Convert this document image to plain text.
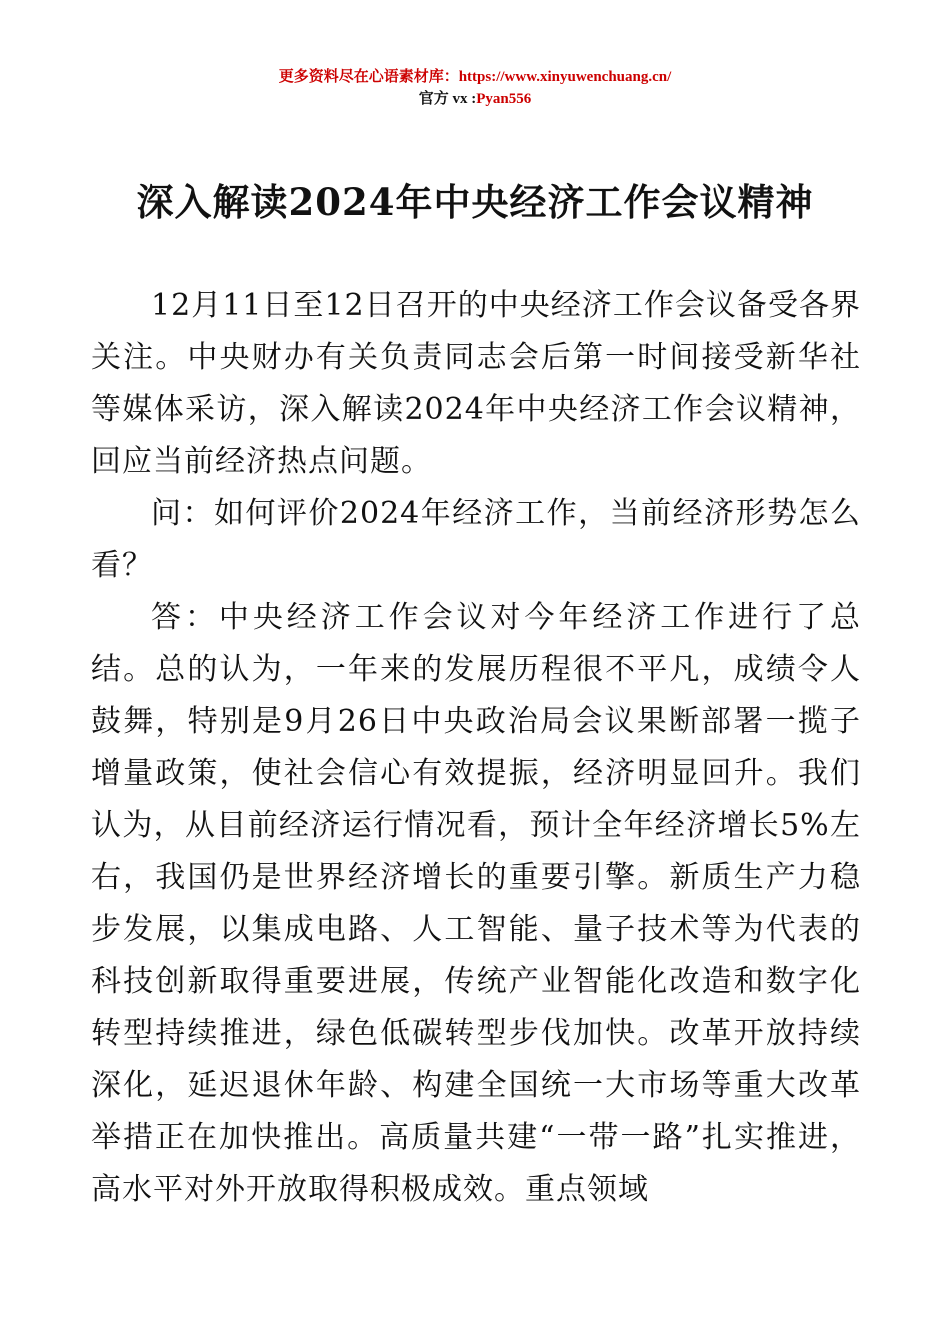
更多资料尽在心语素材库：https://www.xinyuwenchuang.cn/
官方 vx :Pyan556
深入解读2024年中央经济工作会议精神

12月11日至12日召开的中央经济工作会议备受各界关注。中央财办有关负责同志会后第一时间接受新华社等媒体采访，深入解读2024年中央经济工作会议精神，回应当前经济热点问题。

问：如何评价2024年经济工作，当前经济形势怎么看？

答：中央经济工作会议对今年经济工作进行了总结。总的认为，一年来的发展历程很不平凡，成绩令人鼓舞，特别是9月26日中央政治局会议果断部署一揽子增量政策，使社会信心有效提振，经济明显回升。我们认为，从目前经济运行情况看，预计全年经济增长5%左右，我国仍是世界经济增长的重要引擎。新质生产力稳步发展，以集成电路、人工智能、量子技术等为代表的科技创新取得重要进展，传统产业智能化改造和数字化转型持续推进，绿色低碳转型步伐加快。改革开放持续深化，延迟退休年龄、构建全国统一大市场等重大改革举措正在加快推出。高质量共建“一带一路”扎实推进，高水平对外开放取得积极成效。重点领域
